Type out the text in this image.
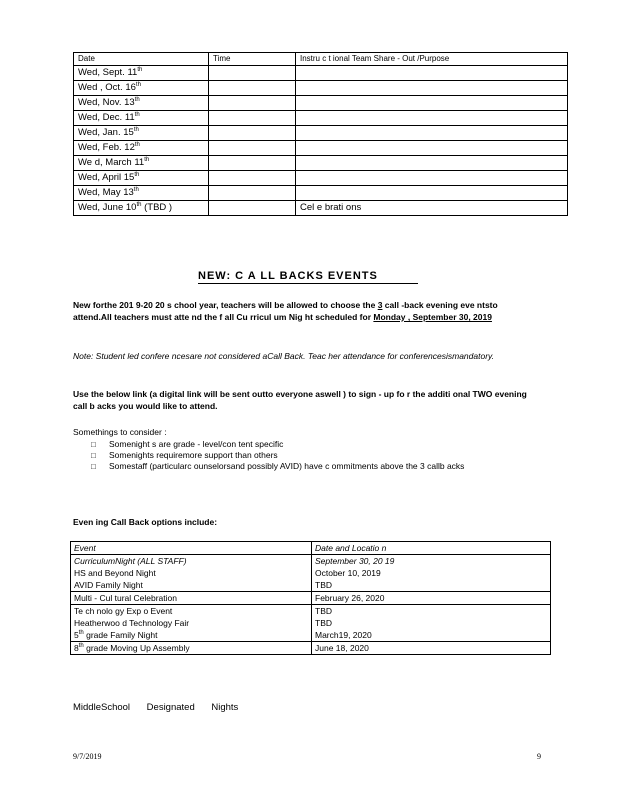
Date	Time	Instru c t ional Team Share - Out /Purpose
Wed, Sept. 11th		
Wed , Oct. 16th		
Wed, Nov. 13th		
Wed, Dec. 11th		
Wed, Jan. 15th		
Wed, Feb. 12th		
We d, March 11th		
Wed, April 15th		
Wed, May 13th		
Wed, June 10th (TBD )		Cel e brati ons
NEW: C A LL BACKS EVENTS
New forthe 201 9-20 20 s chool year, teachers will be allowed to choose the 3 call -back evening eve ntsto attend.All teachers must atte nd the f all Cu rricul um Nig ht scheduled for Monday , September 30, 2019
Note: Student led confere ncesare not considered aCall Back. Teac her attendance for conferencesismandatory.
Use the below link (a digital link will be sent outto everyone aswell ) to sign - up fo r the additi onal TWO evening call b acks you would like to attend.
Somethings to consider :
□ Somenight s are grade - level/con tent specific
□ Somenights requiremore support than others
□ Somestaff (particularc ounselorsand possibly AVID) have c ommitments above the 3 callb acks
Even ing Call Back options include:
Event	Date and Locatio n
CurriculumNight (ALL STAFF)	September 30, 20 19
HS and Beyond Night	October 10, 2019
AVID Family Night	TBD
Multi - Cul tural Celebration	February 26, 2020
Te ch nolo gy Exp o Event	TBD
Heatherwoo d Technology Fair	TBD
5th grade Family Night	March19, 2020
8th grade Moving Up Assembly	June 18, 2020
MiddleSchool Designated Nights
9/7/2019	9
